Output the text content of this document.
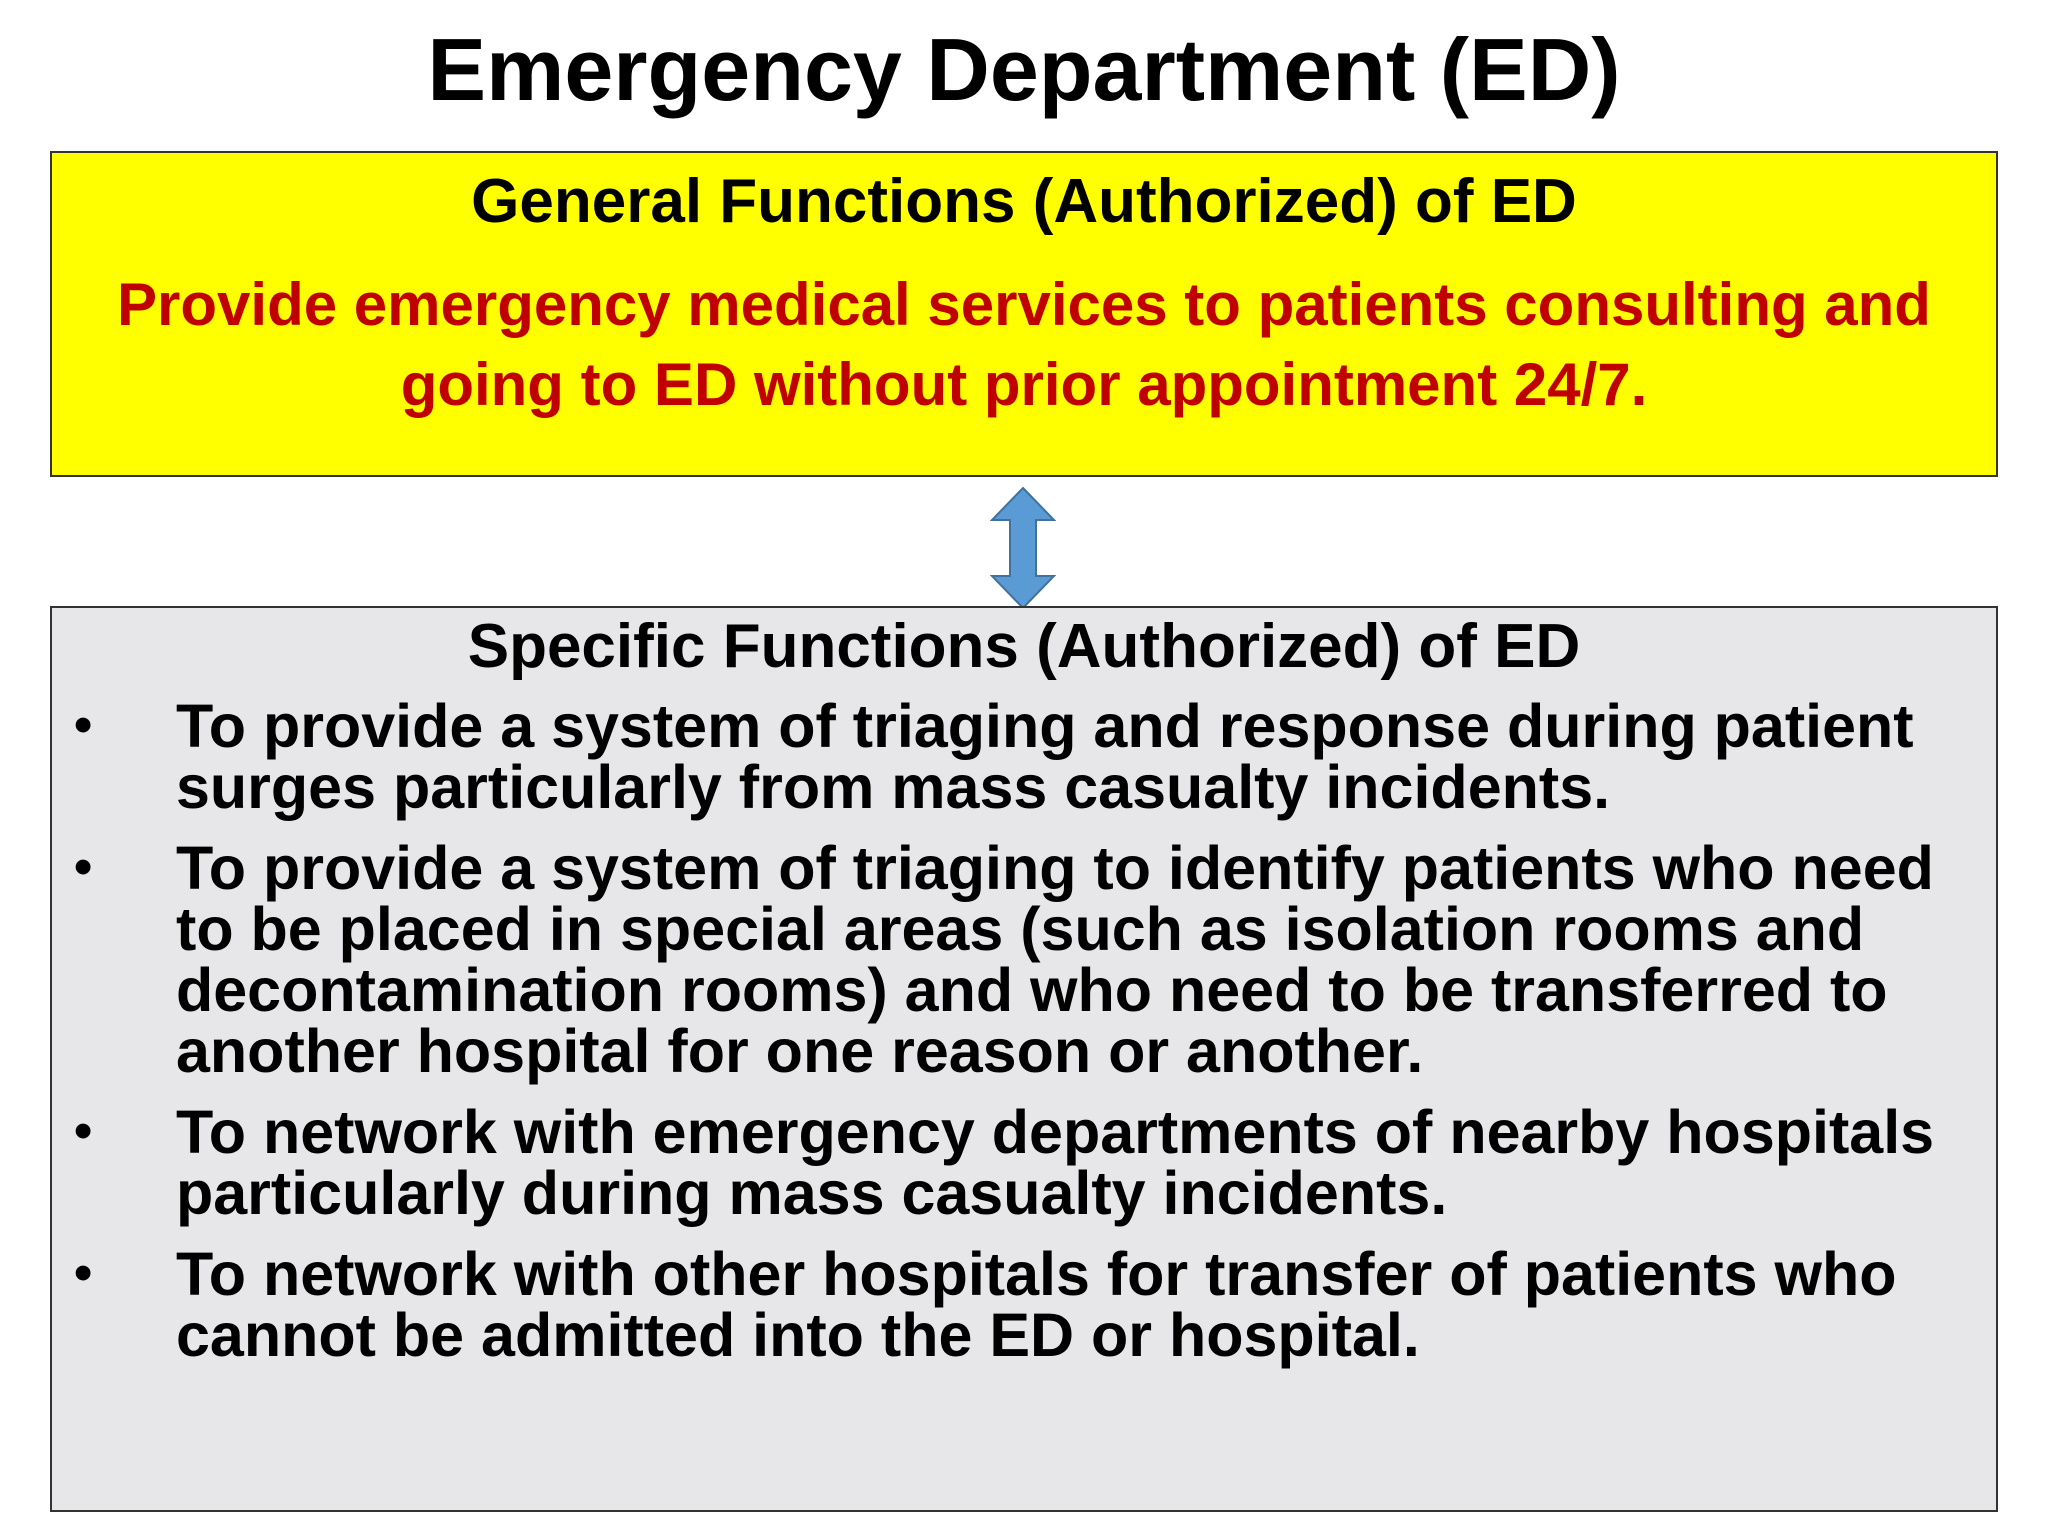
Emergency Department (ED)
General Functions (Authorized) of ED
Provide emergency medical services to patients consulting and going to ED without prior appointment 24/7.
Specific Functions (Authorized) of ED
• To provide a system of triaging and response during patient surges particularly from mass casualty incidents.
• To provide a system of triaging to identify patients who need to be placed in special areas (such as isolation rooms and decontamination rooms) and who need to be transferred to another hospital for one reason or another.
• To network with emergency departments of nearby hospitals particularly during mass casualty incidents.
• To network with other hospitals for transfer of patients who cannot be admitted into the ED or hospital.
